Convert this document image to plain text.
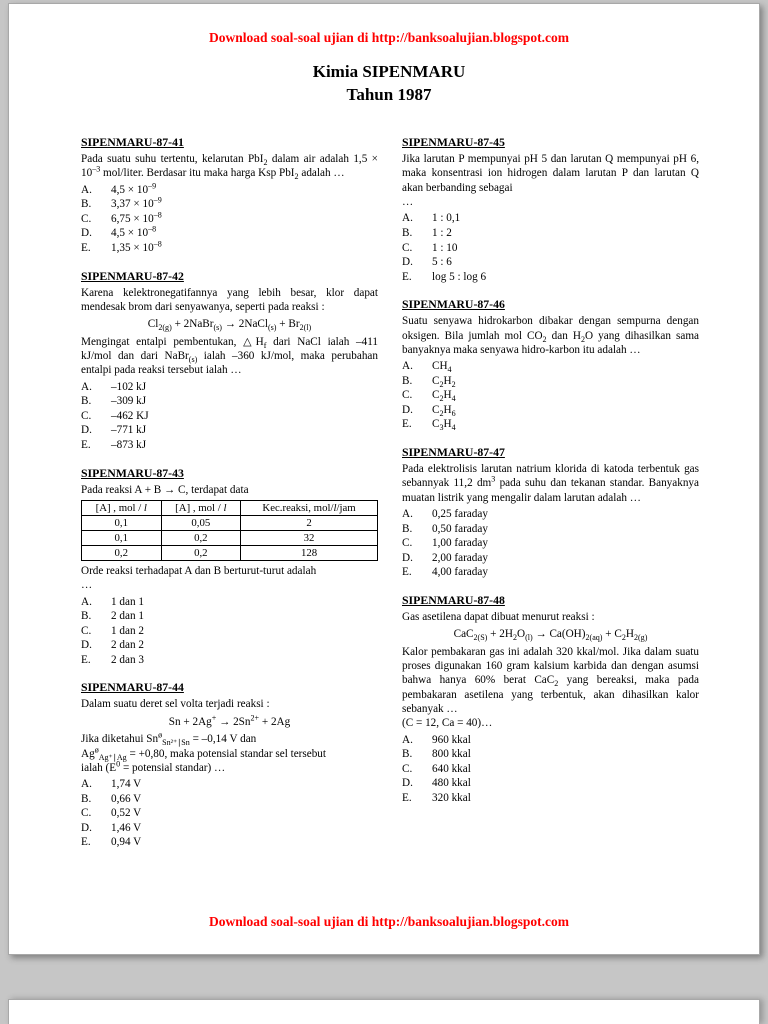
Download soal-soal ujian di http://banksoalujian.blogspot.com
Kimia SIPENMARU
Tahun 1987
SIPENMARU-87-41
Pada suatu suhu tertentu, kelarutan PbI$_2$ dalam air adalah $1,5 \times 10^{-3}$ mol/liter. Berdasar itu maka harga Ksp PbI$_2$ adalah …
A.	$4,5 \times 10^{-9}$
B.	$3,37 \times 10^{-9}$
C.	$6,75 \times 10^{-8}$
D.	$4,5 \times 10^{-8}$
E.	$1,35 \times 10^{-8}$
SIPENMARU-87-42
Karena kelektronegatifannya yang lebih besar, klor dapat mendesak brom dari senyawanya, seperti pada reaksi :
$Cl_{2(g)}$ + 2NaBr$_{(s)}$ → 2NaCl$_{(s)}$ + $Br_{2(l)}$
Mengingat entalpi pembentukan, $\triangle H_f$ dari NaCl ialah –411 kJ/mol dan dari NaBr$_{(s)}$ ialah –360 kJ/mol, maka perubahan entalpi pada reaksi tersebut ialah …
A.	–102 kJ
B.	–309 kJ
C.	–462 KJ
D.	–771 kJ
E.	–873 kJ
SIPENMARU-87-43
Pada reaksi A + B → C, terdapat data
[A] , mol / l	[A] , mol / l	Kec.reaksi, mol/l/jam
0,1	0,05	2
0,1	0,2	32
0,2	0,2	128
Orde reaksi terhadapat A dan B berturut-turut adalah
…
A.	1 dan 1
B.	2 dan 1
C.	1 dan 2
D.	2 dan 2
E.	2 dan 3
SIPENMARU-87-44
Dalam suatu deret sel volta terjadi reaksi :
$Sn + 2Ag^+ \to 2Sn^{2+} + 2Ag$
Jika diketahui $Sn^ø_{Sn^{2+}∣Sn} = -0,14$ V dan
$Ag^ø_{Ag^+∣Ag} = +0,80$, maka potensial standar sel tersebut
ialah ($E^0$ = potensial standar) …
A.	1,74 V
B.	0,66 V
C.	0,52 V
D.	1,46 V
E.	0,94 V
SIPENMARU-87-45
Jika larutan P mempunyai pH 5 dan larutan Q mempunyai pH 6, maka konsentrasi ion hidrogen dalam larutan P dan larutan Q akan berbanding sebagai
…
A.	1 : 0,1
B.	1 : 2
C.	1 : 10
D.	5 : 6
E.	log 5 : log 6
SIPENMARU-87-46
Suatu senyawa hidrokarbon dibakar dengan sempurna dengan oksigen. Bila jumlah mol $CO_2$ dan $H_2O$ yang dihasilkan sama banyaknya maka senyawa hidro-karbon itu adalah …
A.	$CH_4$
B.	$C_2H_2$
C.	$C_2H_4$
D.	$C_2H_6$
E.	$C_3H_4$
SIPENMARU-87-47
Pada elektrolisis larutan natrium klorida di katoda terbentuk gas sebannyak 11,2 $dm^3$ pada suhu dan tekanan standar. Banyaknya muatan listrik yang mengalir dalam larutan adalah …
A.	0,25 faraday
B.	0,50 faraday
C.	1,00 faraday
D.	2,00 faraday
E.	4,00 faraday
SIPENMARU-87-48
Gas asetilena dapat dibuat menurut reaksi :
$CaC_{2(S)} + 2H_2O_{(l)} \to Ca(OH)_{2(aq)} + C_2H_{2(g)}$
Kalor pembakaran gas ini adalah 320 kkal/mol. Jika dalam suatu proses digunakan 160 gram kalsium karbida dan dengan asumsi bahwa hanya 60% berat CaC$_2$ yang bereaksi, maka pada pembakaran asetilena yang terbentuk, akan dihasilkan kalor sebanyak …
(C = 12, Ca = 40)…
A.	960 kkal
B.	800 kkal
C.	640 kkal
D.	480 kkal
E.	320 kkal
Download soal-soal ujian di http://banksoalujian.blogspot.com
